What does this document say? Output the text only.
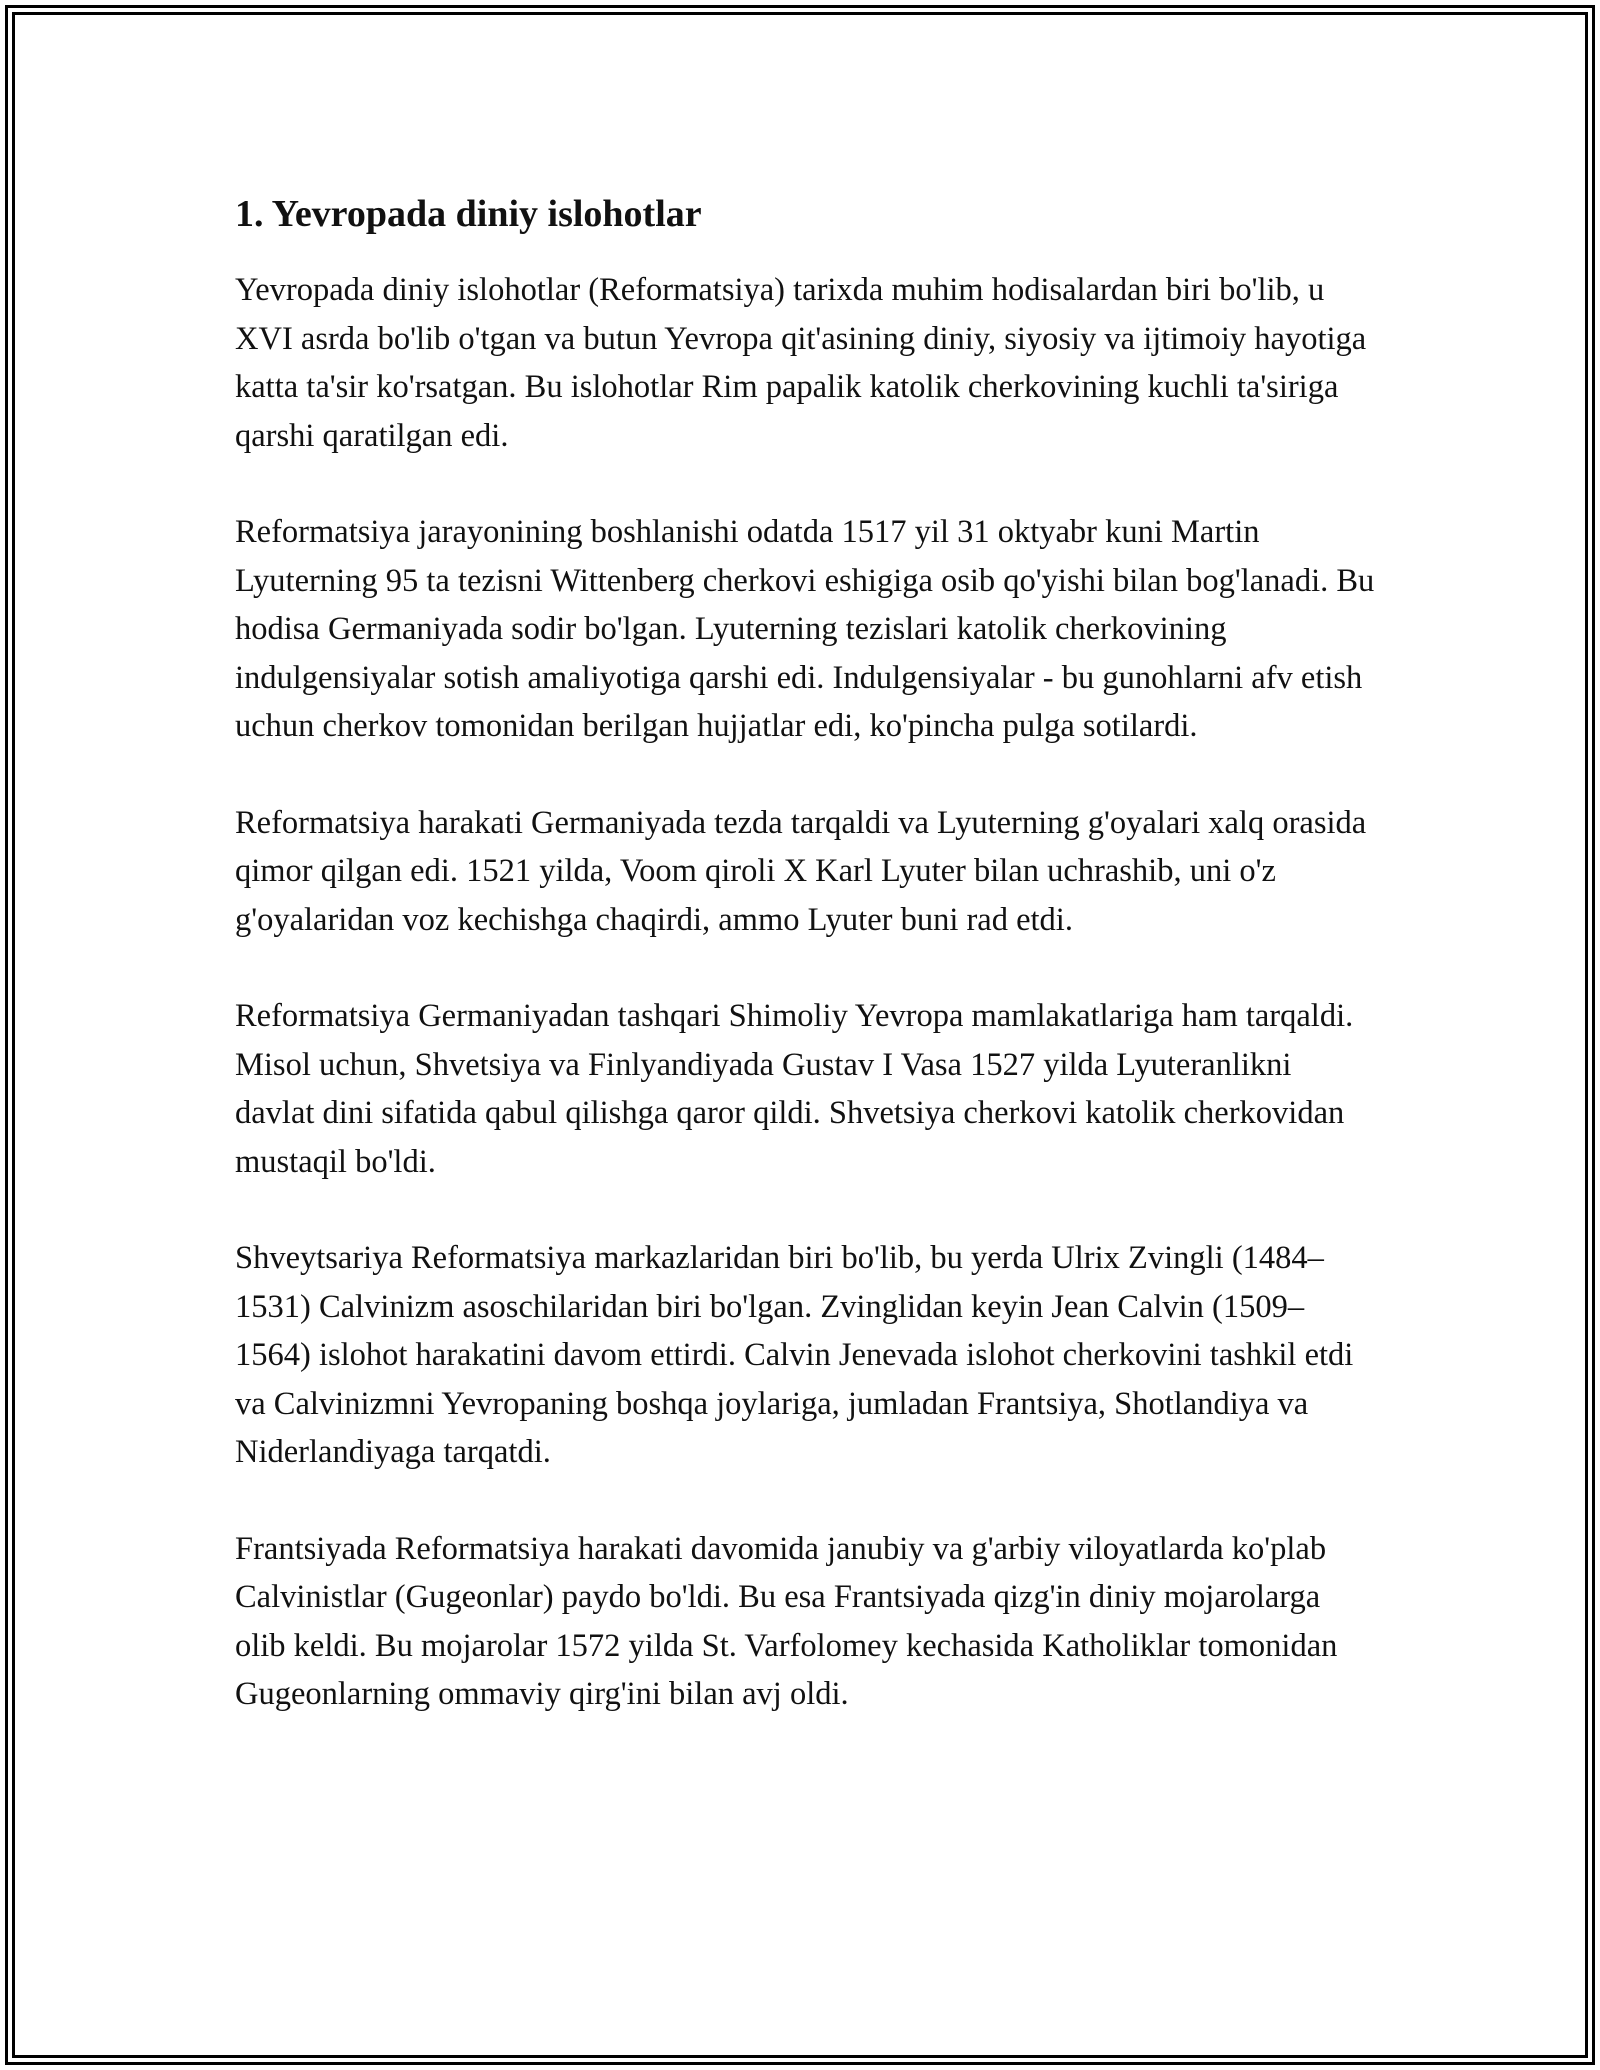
1. Yevropada diniy islohotlar

Yevropada diniy islohotlar (Reformatsiya) tarixda muhim hodisalardan biri bo'lib, u XVI asrda bo'lib o'tgan va butun Yevropa qit'asining diniy, siyosiy va ijtimoiy hayotiga katta ta'sir ko'rsatgan. Bu islohotlar Rim papalik katolik cherkovining kuchli ta'siriga qarshi qaratilgan edi.

Reformatsiya jarayonining boshlanishi odatda 1517 yil 31 oktyabr kuni Martin Lyuterning 95 ta tezisni Wittenberg cherkovi eshigiga osib qo'yishi bilan bog'lanadi. Bu hodisa Germaniyada sodir bo'lgan. Lyuterning tezislari katolik cherkovining indulgensiyalar sotish amaliyotiga qarshi edi. Indulgensiyalar - bu gunohlarni afv etish uchun cherkov tomonidan berilgan hujjatlar edi, ko'pincha pulga sotilardi.

Reformatsiya harakati Germaniyada tezda tarqaldi va Lyuterning g'oyalari xalq orasida qimor qilgan edi. 1521 yilda, Voom qiroli X Karl Lyuter bilan uchrashib, uni o'z g'oyalaridan voz kechishga chaqirdi, ammo Lyuter buni rad etdi.

Reformatsiya Germaniyadan tashqari Shimoliy Yevropa mamlakatlariga ham tarqaldi. Misol uchun, Shvetsiya va Finlyandiyada Gustav I Vasa 1527 yilda Lyuteranlikni davlat dini sifatida qabul qilishga qaror qildi. Shvetsiya cherkovi katolik cherkovidan mustaqil bo'ldi.

Shveytsariya Reformatsiya markazlaridan biri bo'lib, bu yerda Ulrix Zvingli (1484–1531) Calvinizm asoschilaridan biri bo'lgan. Zvinglidan keyin Jean Calvin (1509–1564) islohot harakatini davom ettirdi. Calvin Jenevada islohot cherkovini tashkil etdi va Calvinizmni Yevropaning boshqa joylariga, jumladan Frantsiya, Shotlandiya va Niderlandiyaga tarqatdi.

Frantsiyada Reformatsiya harakati davomida janubiy va g'arbiy viloyatlarda ko'plab Calvinistlar (Gugeonlar) paydo bo'ldi. Bu esa Frantsiyada qizg'in diniy mojarolarga olib keldi. Bu mojarolar 1572 yilda St. Varfolomey kechasida Katholiklar tomonidan Gugeonlarning ommaviy qirg'ini bilan avj oldi.
